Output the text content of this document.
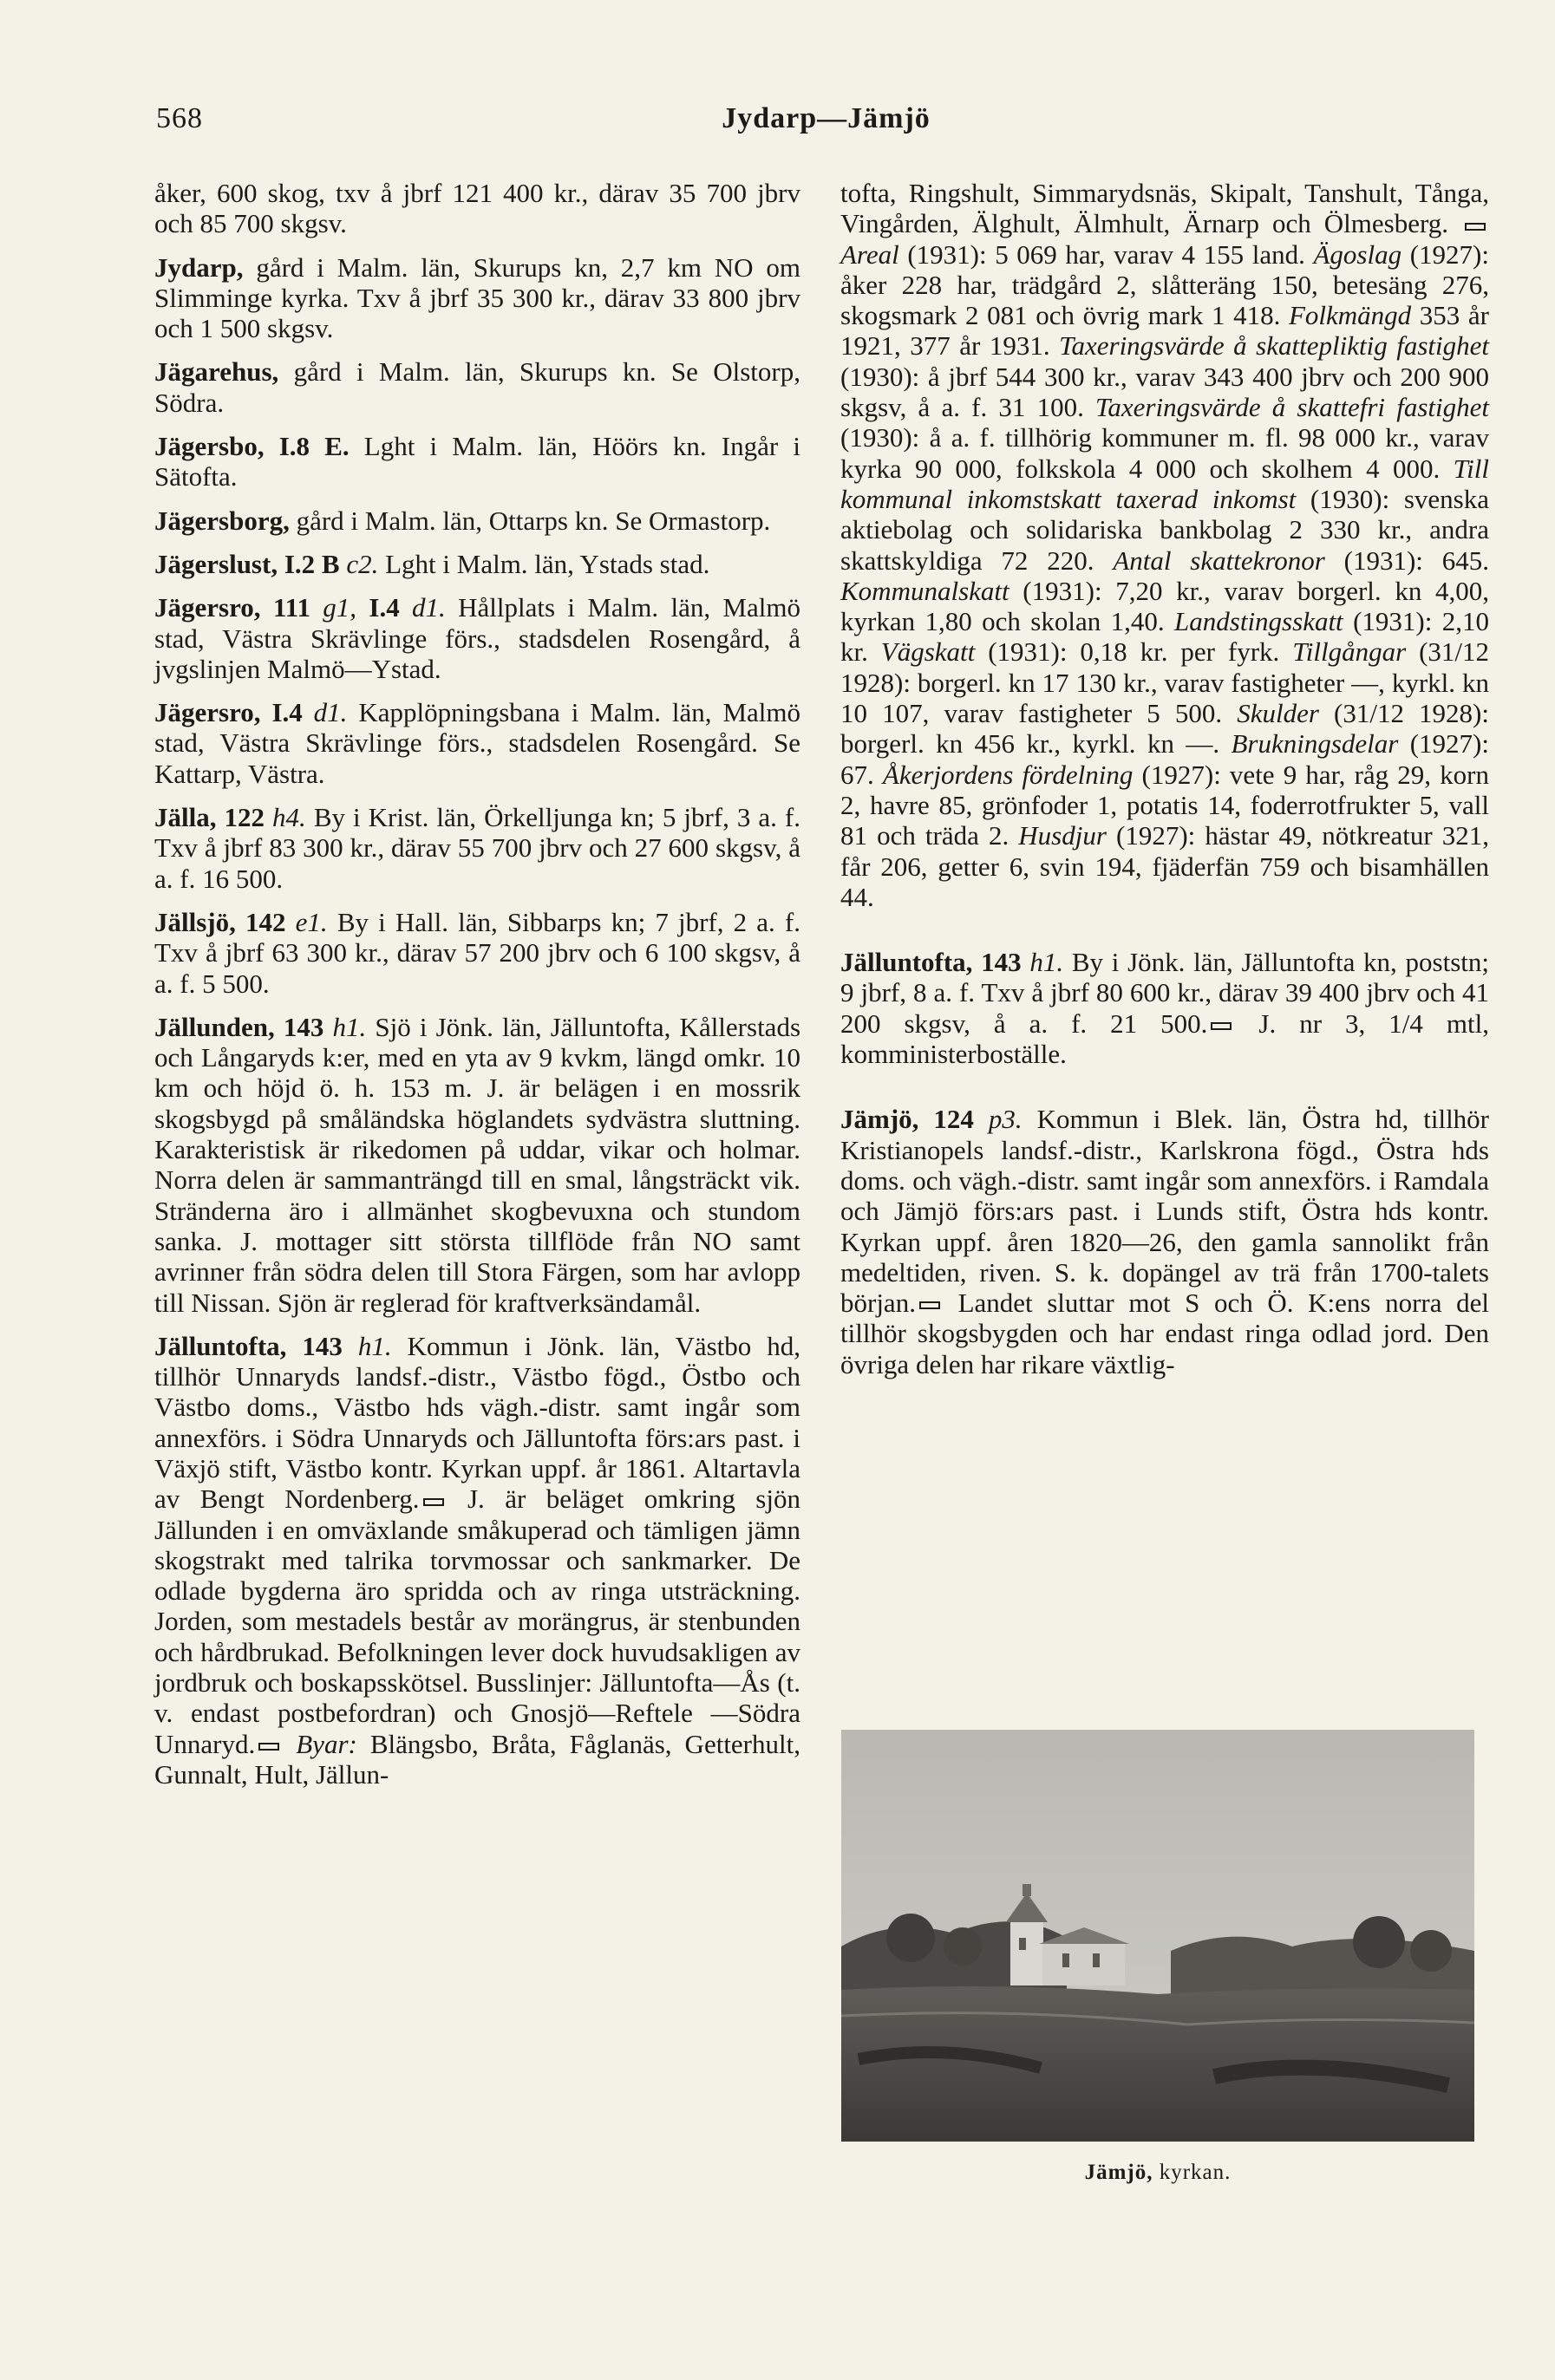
568	Jydarp—Jämjö

åker, 600 skog, txv å jbrf 121 400 kr., därav 35 700 jbrv och 85 700 skgsv.

Jydarp, gård i Malm. län, Skurups kn, 2,7 km NO om Slimminge kyrka. Txv å jbrf 35 300 kr., därav 33 800 jbrv och 1 500 skgsv.

Jägarehus, gård i Malm. län, Skurups kn. Se Olstorp, Södra.

Jägersbo, I.8 E. Lght i Malm. län, Höörs kn. Ingår i Sätofta.

Jägersborg, gård i Malm. län, Ottarps kn. Se Ormastorp.

Jägerslust, I.2 B c2. Lght i Malm. län, Ystads stad.

Jägersro, 111 g1, I.4 d1. Hållplats i Malm. län, Malmö stad, Västra Skrävlinge förs., stadsdelen Rosengård, å jvgslinjen Malmö—Ystad.

Jägersro, I.4 d1. Kapplöpningsbana i Malm. län, Malmö stad, Västra Skrävlinge förs., stadsdelen Rosengård. Se Kattarp, Västra.

Jälla, 122 h4. By i Krist. län, Örkelljunga kn; 5 jbrf, 3 a. f. Txv å jbrf 83 300 kr., därav 55 700 jbrv och 27 600 skgsv, å a. f. 16 500.

Jällsjö, 142 e1. By i Hall. län, Sibbarps kn; 7 jbrf, 2 a. f. Txv å jbrf 63 300 kr., därav 57 200 jbrv och 6 100 skgsv, å a. f. 5 500.

Jällunden, 143 h1. Sjö i Jönk. län, Jälluntofta, Kållerstads och Långaryds k:er, med en yta av 9 kvkm, längd omkr. 10 km och höjd ö. h. 153 m. J. är belägen i en mossrik skogsbygd på småländska höglandets sydvästra sluttning. Karakteristisk är rikedomen på uddar, vikar och holmar. Norra delen är sammanträngd till en smal, långsträckt vik. Stränderna äro i allmänhet skogbevuxna och stundom sanka. J. mottager sitt största tillflöde från NO samt avrinner från södra delen till Stora Färgen, som har avlopp till Nissan. Sjön är reglerad för kraftverksändamål.

Jälluntofta, 143 h1. Kommun i Jönk. län, Västbo hd, tillhör Unnaryds landsf.-distr., Västbo fögd., Östbo och Västbo doms., Västbo hds vägh.-distr. samt ingår som annexförs. i Södra Unnaryds och Jälluntofta förs:ars past. i Växjö stift, Västbo kontr. Kyrkan uppf. år 1861. Altartavla av Bengt Nordenberg. J. är beläget omkring sjön Jällunden i en omväxlande småkuperad och tämligen jämn skogstrakt med talrika torvmossar och sankmarker. De odlade bygderna äro spridda och av ringa utsträckning. Jorden, som mestadels består av morängrus, är stenbunden och hårdbrukad. Befolkningen lever dock huvudsakligen av jordbruk och boskapsskötsel. Busslinjer: Jälluntofta—Ås (t. v. endast postbefordran) och Gnosjö—Reftele —Södra Unnaryd. Byar: Blängsbo, Bråta, Fåglanäs, Getterhult, Gunnalt, Hult, Jällun-

tofta, Ringshult, Simmarydsnäs, Skipalt, Tanshult, Tånga, Vingården, Älghult, Älmhult, Ärnarp och Ölmesberg.  Areal (1931): 5 069 har, varav 4 155 land. Ägoslag (1927): åker 228 har, trädgård 2, slåtteräng 150, betesäng 276, skogsmark 2 081 och övrig mark 1 418. Folkmängd 353 år 1921, 377 år 1931. Taxeringsvärde å skattepliktig fastighet (1930): å jbrf 544 300 kr., varav 343 400 jbrv och 200 900 skgsv, å a. f. 31 100. Taxeringsvärde å skattefri fastighet (1930): å a. f. tillhörig kommuner m. fl. 98 000 kr., varav kyrka 90 000, folkskola 4 000 och skolhem 4 000. Till kommunal inkomstskatt taxerad inkomst (1930): svenska aktiebolag och solidariska bankbolag 2 330 kr., andra skattskyldiga 72 220. Antal skattekronor (1931): 645. Kommunalskatt (1931): 7,20 kr., varav borgerl. kn 4,00, kyrkan 1,80 och skolan 1,40. Landstingsskatt (1931): 2,10 kr. Vägskatt (1931): 0,18 kr. per fyrk. Tillgångar (31/12 1928): borgerl. kn 17 130 kr., varav fastigheter —, kyrkl. kn 10 107, varav fastigheter 5 500. Skulder (31/12 1928): borgerl. kn 456 kr., kyrkl. kn —. Brukningsdelar (1927): 67. Åkerjordens fördelning (1927): vete 9 har, råg 29, korn 2, havre 85, grönfoder 1, potatis 14, foderrotfrukter 5, vall 81 och träda 2. Husdjur (1927): hästar 49, nötkreatur 321, får 206, getter 6, svin 194, fjäderfän 759 och bisamhällen 44.

Jälluntofta, 143 h1. By i Jönk. län, Jälluntofta kn, poststn; 9 jbrf, 8 a. f. Txv å jbrf 80 600 kr., därav 39 400 jbrv och 41 200 skgsv, å a. f. 21 500. J. nr 3, 1/4 mtl, komministerboställe.

Jämjö, 124 p3. Kommun i Blek. län, Östra hd, tillhör Kristianopels landsf.-distr., Karlskrona fögd., Östra hds doms. och vägh.-distr. samt ingår som annexförs. i Ramdala och Jämjö förs:ars past. i Lunds stift, Östra hds kontr. Kyrkan uppf. åren 1820—26, den gamla sannolikt från medeltiden, riven. S. k. dopängel av trä från 1700-talets början. Landet sluttar mot S och Ö. K:ens norra del tillhör skogsbygden och har endast ringa odlad jord. Den övriga delen har rikare växtlig-

Jämjö, kyrkan.
